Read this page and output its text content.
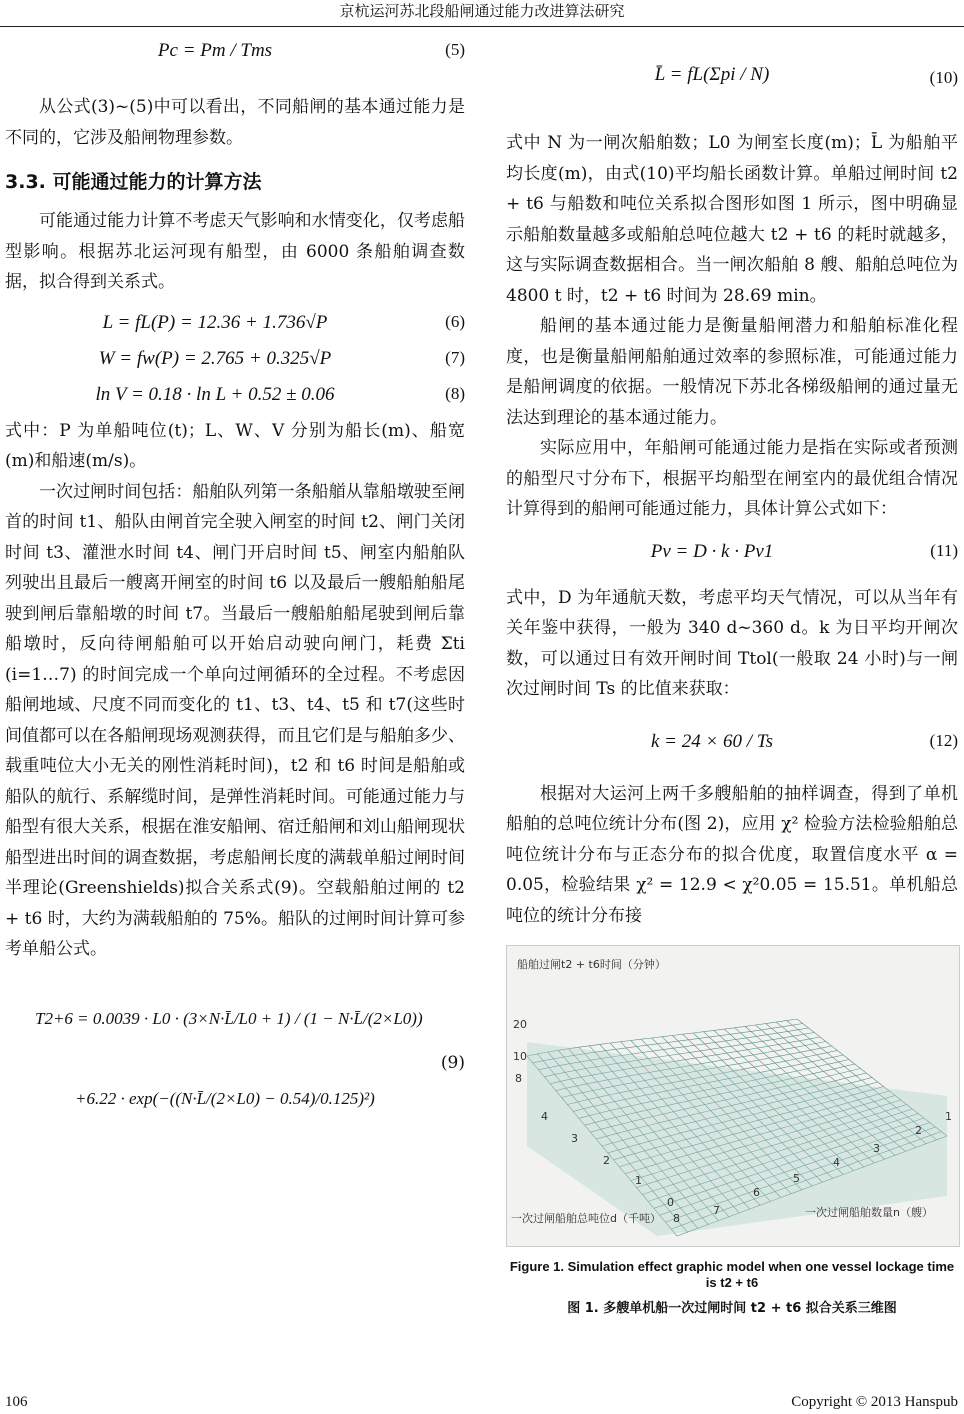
京杭运河苏北段船闸通过能力改进算法研究
Pc = Pm / Tms	(5)

从公式(3)~(5)中可以看出，不同船闸的基本通过能力是不同的，它涉及船闸物理参数。

3.3. 可能通过能力的计算方法

可能通过能力计算不考虑天气影响和水情变化，仅考虑船型影响。根据苏北运河现有船型，由 6000 条船舶调查数据，拟合得到关系式。

L = fL(P) = 12.36 + 1.736√P	(6)
W = fw(P) = 2.765 + 0.325√P	(7)
ln V = 0.18 · ln L + 0.52 ± 0.06	(8)

式中：P 为单船吨位(t)；L、W、V 分别为船长(m)、船宽(m)和船速(m/s)。

一次过闸时间包括：船舶队列第一条船艏从靠船墩驶至闸首的时间 t1、船队由闸首完全驶入闸室的时间 t2、闸门关闭时间 t3、灌泄水时间 t4、闸门开启时间 t5、闸室内船舶队列驶出且最后一艘离开闸室的时间 t6 以及最后一艘船舶船尾驶到闸后靠船墩的时间 t7。当最后一艘船舶船尾驶到闸后靠船墩时，反向待闸船舶可以开始启动驶向闸门，耗费 Σti (i=1…7) 的时间完成一个单向过闸循环的全过程。不考虑因船闸地域、尺度不同而变化的 t1、t3、t4、t5 和 t7(这些时间值都可以在各船闸现场观测获得，而且它们是与船舶多少、载重吨位大小无关的刚性消耗时间)，t2 和 t6 时间是船舶或船队的航行、系解缆时间，是弹性消耗时间。可能通过能力与船型有很大关系，根据在淮安船闸、宿迁船闸和刘山船闸现状船型进出时间的调查数据，考虑船闸长度的满载单船过闸时间半理论(Greenshields)拟合关系式(9)。空载船舶过闸的 t2 + t6 时，大约为满载船舶的 75%。船队的过闸时间计算可参考单船公式。

T2+6 = 0.0039 · L0 · (3×N·L̄/L0 + 1) / (1 − N·L̄/(2×L0))
+6.22 · exp(−((N·L̄/(2×L0) − 0.54)/0.125)²)
(9)
L̄ = fL(Σpi / N)	(10)

式中 N 为一闸次船舶数；L0 为闸室长度(m)；L̄ 为船舶平均长度(m)，由式(10)平均船长函数计算。单船过闸时间 t2 + t6 与船数和吨位关系拟合图形如图 1 所示，图中明确显示船舶数量越多或船舶总吨位越大 t2 + t6 的耗时就越多，这与实际调查数据相合。当一闸次船舶 8 艘、船舶总吨位为 4800 t 时，t2 + t6 时间为 28.69 min。

船闸的基本通过能力是衡量船闸潜力和船舶标准化程度，也是衡量船闸船舶通过效率的参照标准，可能通过能力是船闸调度的依据。一般情况下苏北各梯级船闸的通过量无法达到理论的基本通过能力。

实际应用中，年船闸可能通过能力是指在实际或者预测的船型尺寸分布下，根据平均船型在闸室内的最优组合情况计算得到的船闸可能通过能力，具体计算公式如下：

Pv = D · k · Pv1	(11)

式中，D 为年通航天数，考虑平均天气情况，可以从当年有关年鉴中获得，一般为 340 d~360 d。k 为日平均开闸次数，可以通过日有效开闸时间 Ttol(一般取 24 小时)与一闸次过闸时间 Ts 的比值来获取：

k = 24 × 60 / Ts	(12)

根据对大运河上两千多艘船舶的抽样调查，得到了单机船舶的总吨位统计分布(图 2)，应用 χ² 检验方法检验船舶总吨位统计分布与正态分布的拟合优度，取置信度水平 α = 0.05，检验结果 χ² = 12.9 < χ²0.05 = 15.51。单机船总吨位的统计分布接

船舶过闸t2 + t6时间（分钟）
20
10
一次过闸船舶总吨位d（千吨）	一次过闸船舶数量n（艘）
8
4
3
2
1
0
8
7
6
5
4
3
2
1
Figure 1. Simulation effect graphic model when one vessel lockage time is t2 + t6
图 1. 多艘单机船一次过闸时间 t2 + t6 拟合关系三维图
106	Copyright © 2013 Hanspub
